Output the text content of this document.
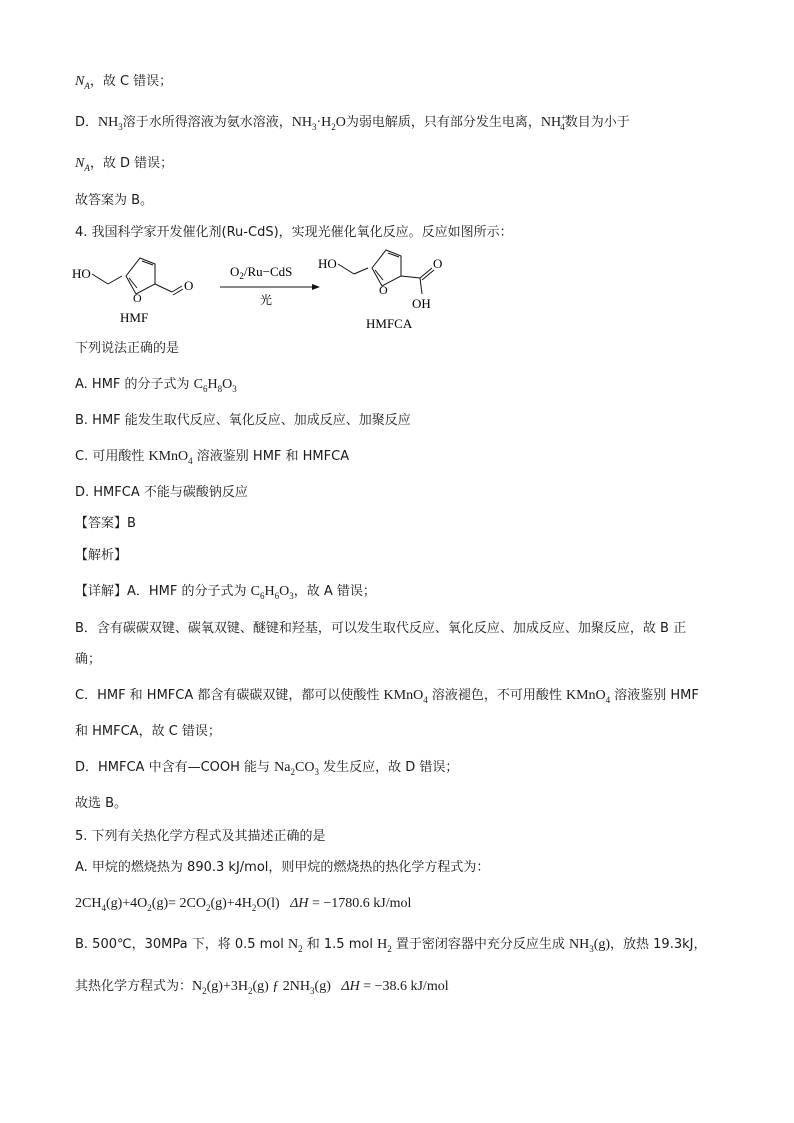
$N_A$，故 C 错误；
D．$NH_3$溶于水所得溶液为氨水溶液，$NH_3\cdot H_2O$为弱电解质，只有部分发生电离，$NH^+_4$数目为小于
$N_A$，故 D 错误；
故答案为 B。
4. 我国科学家开发催化剂(Ru-CdS)，实现光催化氧化反应。反应如图所示：
HO
O
O
HMF
$O_2/Ru-CdS$
光
HO
O
O
OH
HMFCA
下列说法正确的是
A. HMF 的分子式为 $C_6H_8O_3$
B. HMF 能发生取代反应、氧化反应、加成反应、加聚反应
C. 可用酸性 KMnO$_4$ 溶液鉴别 HMF 和 HMFCA
D. HMFCA 不能与碳酸钠反应
【答案】B
【解析】
【详解】A．HMF 的分子式为 $C_6H_6O_3$，故 A 错误；
B．含有碳碳双键、碳氧双键、醚键和羟基，可以发生取代反应、氧化反应、加成反应、加聚反应，故 B 正
确；
C．HMF 和 HMFCA 都含有碳碳双键，都可以使酸性 KMnO$_4$ 溶液褪色，不可用酸性 KMnO$_4$ 溶液鉴别 HMF
和 HMFCA，故 C 错误；
D．HMFCA 中含有—COOH 能与 $Na_2CO_3$ 发生反应，故 D 错误；
故选 B。
5. 下列有关热化学方程式及其描述正确的是
A. 甲烷的燃烧热为 890.3 kJ/mol，则甲烷的燃烧热的热化学方程式为：
$2CH_4(g)+4O_2(g)= 2CO_2(g)+4H_2O(l) \Delta H = -1780.6$ kJ/mol
B. 500℃，30MPa 下，将 0.5 mol $N_2$ 和 1.5 mol $H_2$ 置于密闭容器中充分反应生成 $NH_3(g)$，放热 19.3kJ，
其热化学方程式为：$N_2(g)+3H_2(g)$ ƒ $2NH_3(g) \Delta H = -38.6$ kJ/mol
